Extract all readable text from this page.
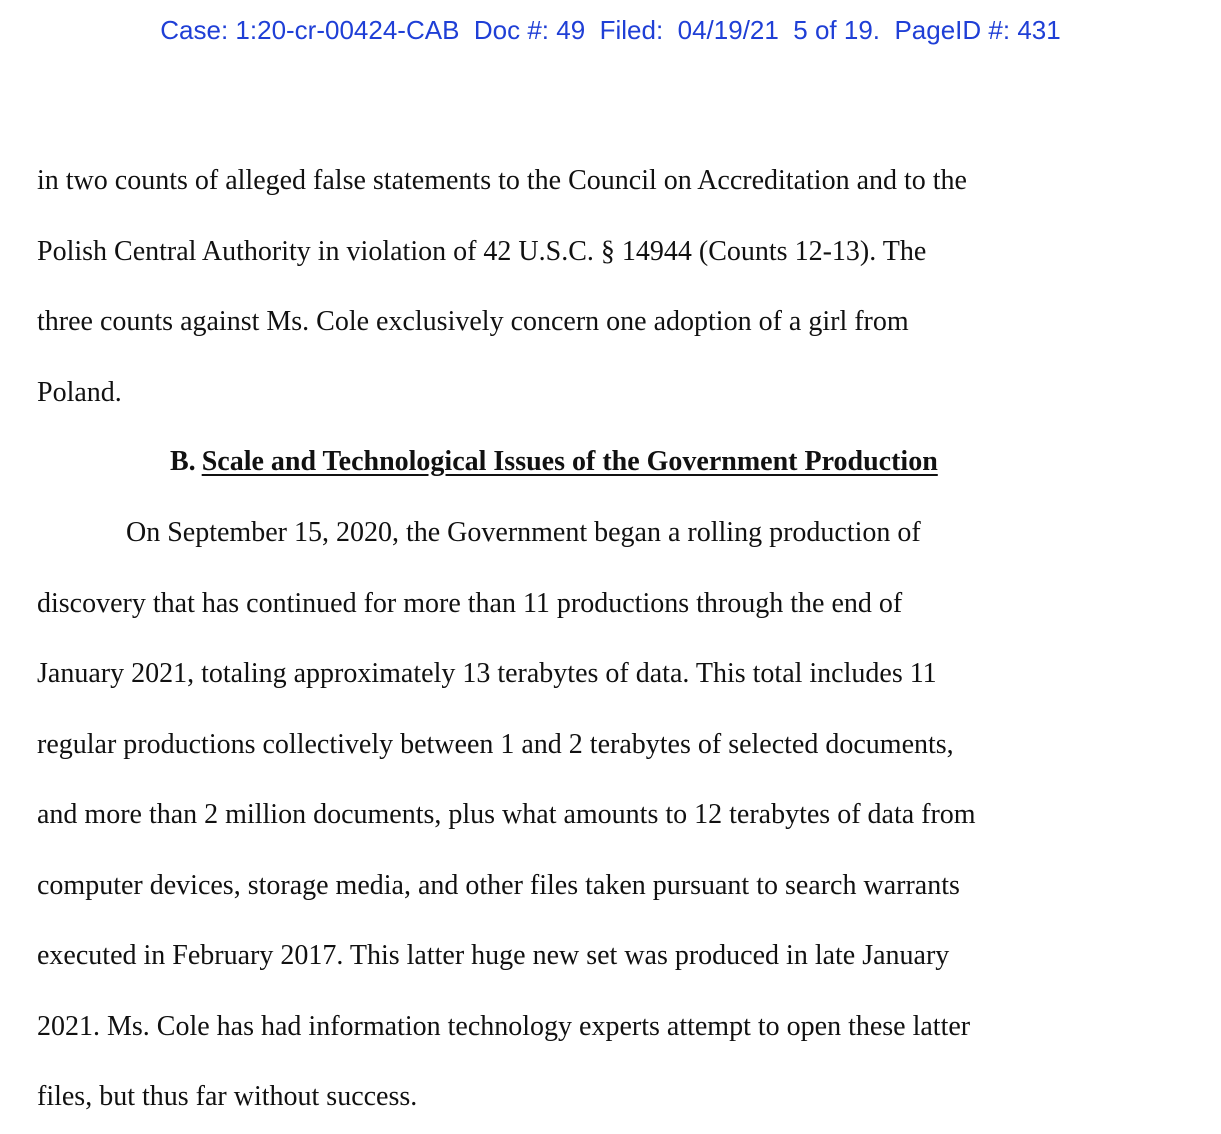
Case: 1:20-cr-00424-CAB  Doc #: 49  Filed:  04/19/21  5 of 19.  PageID #: 431
in two counts of alleged false statements to the Council on Accreditation and to the
Polish Central Authority in violation of 42 U.S.C. § 14944 (Counts 12-13). The
three counts against Ms. Cole exclusively concern one adoption of a girl from
Poland.
B. Scale and Technological Issues of the Government Production
On September 15, 2020, the Government began a rolling production of
discovery that has continued for more than 11 productions through the end of
January 2021, totaling approximately 13 terabytes of data. This total includes 11
regular productions collectively between 1 and 2 terabytes of selected documents,
and more than 2 million documents, plus what amounts to 12 terabytes of data from
computer devices, storage media, and other files taken pursuant to search warrants
executed in February 2017. This latter huge new set was produced in late January
2021. Ms. Cole has had information technology experts attempt to open these latter
files, but thus far without success.
